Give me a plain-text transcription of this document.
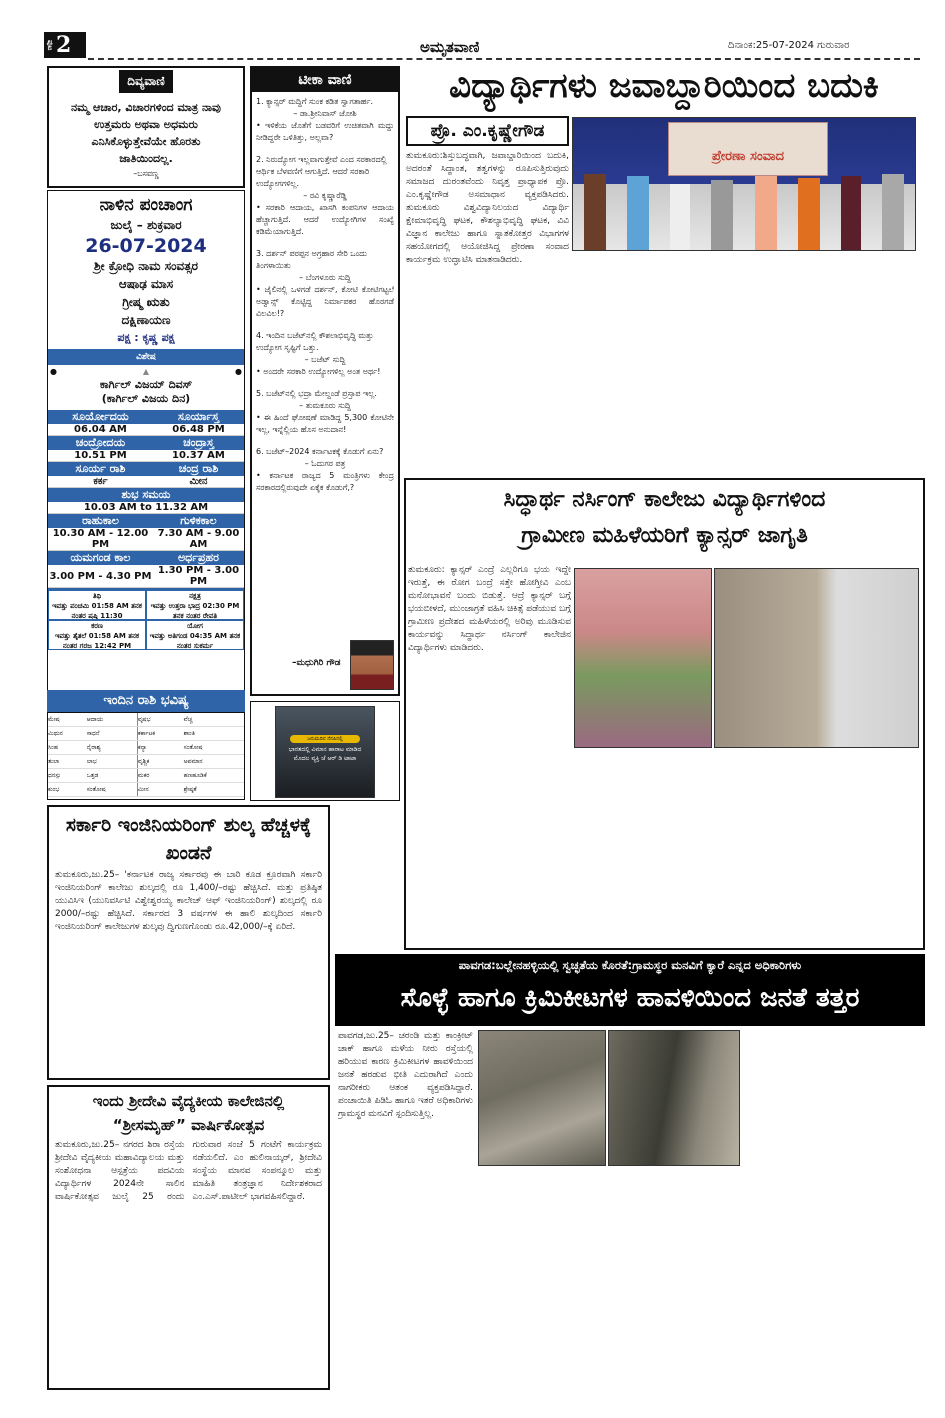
ಪುಟ 2	ಅಮೃತವಾಣಿ	ದಿನಾಂಕ:25-07-2024 ಗುರುವಾರ
ದಿವ್ಯವಾಣಿ
ನಮ್ಮ ಆಚಾರ, ವಿಚಾರಗಳಿಂದ ಮಾತ್ರ ನಾವು ಉತ್ತಮರು ಅಥವಾ ಅಧಮರು ಎನಿಸಿಕೊಳ್ಳುತ್ತೇವೆಯೇ ಹೊರತು ಜಾತಿಯಿಂದಲ್ಲ.
–ಬಸವಣ್ಣ
ನಾಳಿನ ಪಂಚಾಂಗ
ಜುಲೈ – ಶುಕ್ರವಾರ
26-07-2024
ಶ್ರೀ ಕ್ರೋಧಿ ನಾಮ ಸಂವತ್ಸರ
ಆಷಾಢ ಮಾಸ
ಗ್ರೀಷ್ಮ ಋತು
ದಕ್ಷಿಣಾಯಣ
ಪಕ್ಷ : ಕೃಷ್ಣ ಪಕ್ಷ
ವಿಶೇಷ
●	▲	●
ಕಾರ್ಗಿಲ್ ವಿಜಯ್ ದಿವಸ್
(ಕಾರ್ಗಿಲ್ ವಿಜಯ ದಿನ)
ಸೂರ್ಯೋದಯ	ಸೂರ್ಯಾಸ್ತ
06.04 AM	06.48 PM
ಚಂದ್ರೋದಯ	ಚಂದ್ರಾಸ್ತ
10.51 PM	10.37 AM
ಸೂರ್ಯ ರಾಶಿ	ಚಂದ್ರ ರಾಶಿ
ಕರ್ಕ	ಮೀನ
ಶುಭ ಸಮಯ	
10.03 AM to 11.32 AM	
ರಾಹುಕಾಲ	ಗುಳಿಕಕಾಲ
10.30 AM - 12.00 PM	7.30 AM - 9.00 AM
ಯಮಗಂಡ ಕಾಲ	ಅರ್ಧಪ್ರಹರ
3.00 PM - 4.30 PM	1.30 PM - 3.00 PM
ತಿಥಿ
ಇವತ್ತು ಪಂಚಮಿ 01:58 AM ತನಕ ನಂತರ ಷಷ್ಠಿ 11:30
ನಕ್ಷತ್ರ
ಇವತ್ತು ಉತ್ತರಾ ಭಾದ್ರ 02:30 PM ತನಕ ನಂತರ ರೇವತಿ
ಕರಣ
ಇವತ್ತು ತೈತಲೆ 01:58 AM ತನಕ ನಂತರ ಗರಜ 12:42 PM
ಯೋಗ
ಇವತ್ತು ಅತಿಗಂಡ 04:35 AM ತನಕ ನಂತರ ಸುಕರ್ಮ
ಇಂದಿನ ರಾಶಿ ಭವಿಷ್ಯ
ಮೇಷ	ಆದಾಯ	ವೃಷಭ	ವೆಚ್ಚ
ಮಿಥುನ	ಸಾಧನೆ	ಕರ್ಕಾಟಕ	ಶಾಂತಿ
ಸಿಂಹ	ನೈರಾಶ್ಯ	ಕನ್ಯಾ	ಸಂತೋಷ
ತುಲಾ	ಲಾಭ	ವೃಶ್ಚಿಕ	ಅಪಮಾನ
ಧನಸ್ಸು	ಒತ್ತಡ	ಮಕರ	ಹಣಹೂಡಿಕೆ
ಕುಂಭ	ಸಂತೋಷ	ಮೀನ	ಶ್ರೇಷ್ಠತೆ
ಟೀಕಾ ವಾಣಿ
1. ಕ್ಯಾನ್ಸರ್ ಮದ್ದಿಗೆ ಸುಂಕ ಕಡಿತ ಸ್ವಾಗತಾರ್ಹ.
– ಡಾ.ಶ್ರೀನಿವಾಸ್ ಜೋಶಿ
• ಇಳಿಕೆಯ ಜೊತೆಗೆ ಬಡವರಿಗೆ ಉಚಿತವಾಗಿ ಮದ್ದು ನೀಡಿದ್ದರೇ ಒಳಿತಿತ್ತು, ಅಲ್ಲವಾ?
2. ನಿರುದ್ಯೋಗ ಇಲ್ಲವಾಗುತ್ತೇವೆ ಎಂದ ಸರಕಾರದಲ್ಲಿ ಆರ್ಥಿಕ ಬೆಳವಣಿಗೆ ಆಗುತ್ತಿದೆ. ಆದರೆ ಸರಕಾರಿ ಉದ್ಯೋಗಗಳಿಲ್ಲ.
– ರವಿ ಕೃಷ್ಣಾರೆಡ್ಡಿ
• ಸರಕಾರಿ ಆದಾಯ, ಖಾಸಗಿ ಕಂಪನಿಗಳ ಆದಾಯ ಹೆಚ್ಚಾಗುತ್ತಿದೆ. ಆದರೆ ಉದ್ಯೋಗಿಗಳ ಸಂಖ್ಯೆ ಕಡಿಮೆಯಾಗುತ್ತಿದೆ.
3. ದರ್ಶನ್ ಪರಪ್ಪನ ಅಗ್ರಹಾರ ಸೇರಿ ಒಂದು ತಿಂಗಳಾಯಿತು
– ಬೆಂಗಳೂರು ಸುದ್ದಿ
• ಜೈಲಿನಲ್ಲಿ ಒಳಗಡೆ ದರ್ಶನ್, ಕೋಟಿ ಕೋಟಿಗಟ್ಟಲೆ ಅಡ್ವಾನ್ಸ್ ಕೊಟ್ಟಿದ್ದ ನಿರ್ಮಾಪಕರ ಹೊರಗಡೆ ವಿಲವಿಲ!?
4. ಇಂದಿನ ಬಜೆಟ್‌ನಲ್ಲಿ ಕೌಶಲಾಭಿವೃದ್ಧಿ ಮತ್ತು ಉದ್ಯೋಗ ಸೃಷ್ಟಿಗೆ ಒತ್ತು.
– ಬಜೆಟ್ ಸುದ್ದಿ
• ಅಂದರೇ ಸರಕಾರಿ ಉದ್ಯೋಗಳಿಲ್ಲ ಅಂತ ಅರ್ಥ!
5. ಬಜೆಟ್‌ನಲ್ಲಿ ಭದ್ರಾ ಮೇಲ್ದಂಡೆ ಪ್ರಸ್ತಾಪ ಇಲ್ಲ.
– ತುಮಕೂರು ಸುದ್ದಿ
• ಈ ಹಿಂದೆ ಘೋಷಣೆ ಮಾಡಿದ್ದ 5,300 ಕೋಟಿನೇ ಇಲ್ಲ, ಇನ್ನೆಲ್ಲಿಯ ಹೊಸ ಅನುದಾನ!
6. ಬಜೆಟ್–2024 ಕರ್ನಾಟಕಕ್ಕೆ ಕೊಡುಗೆ ಏನು?
– ಓದುಗರ ಪತ್ರ
• ಕರ್ನಾಟಕ ರಾಜ್ಯದ 5 ಮಂತ್ರಿಗಳು ಕೇಂದ್ರ ಸರಕಾರದಲ್ಲಿರುವುದೇ ಏಕೈಕ ಕೊಡುಗೆ,?
–ಮಧುಗಿರಿ ಗೌಡ
ಜನುಮದಿನ ನೆನಪಿನಲ್ಲಿ
ಭಾರತದಲ್ಲಿ ವಿಮಾನ ಹಾರಾಟ ಮಾಡಿದ ಮೊದಲ ವ್ಯಕ್ತಿ ಜೆ ಆರ್ ಡಿ ಟಾಟಾ
ವಿದ್ಯಾರ್ಥಿಗಳು ಜವಾಬ್ದಾರಿಯಿಂದ ಬದುಕಿ
ಪ್ರೊ. ಎಂ.ಕೃಷ್ಣೇಗೌಡ
ಪ್ರೇರಣಾ ಸಂವಾದ
ತುಮಕೂರು:ಶಿಸ್ತುಬದ್ಧವಾಗಿ, ಜವಾಬ್ದಾರಿಯಿಂದ ಬದುಕಿ, ಅದರಂತೆ ಸಿದ್ಧಾಂತ, ತತ್ವಗಳನ್ನು ರೂಪಿಸುತ್ತಿರುವುದು ಸಮಾಜದ ದುರಂತವೆಂದು ನಿವೃತ್ತ ಪ್ರಾಧ್ಯಾಪಕ ಪ್ರೊ. ಎಂ.ಕೃಷ್ಣೇಗೌಡ ಅಸಮಾಧಾನ ವ್ಯಕ್ತಪಡಿಸಿದರು. ತುಮಕೂರು ವಿಶ್ವವಿದ್ಯಾನಿಲಯದ ವಿದ್ಯಾರ್ಥಿ ಕ್ಷೇಮಾಭಿವೃದ್ಧಿ ಘಟಕ, ಕೌಶಲ್ಯಾಭಿವೃದ್ಧಿ ಘಟಕ, ವಿವಿ ವಿಜ್ಞಾನ ಕಾಲೇಜು ಹಾಗೂ ಸ್ನಾತಕೋತ್ತರ ವಿಭಾಗಗಳ ಸಹಯೋಗದಲ್ಲಿ ಆಯೋಜಿಸಿದ್ದ ಪ್ರೇರಣಾ ಸಂವಾದ ಕಾರ್ಯಕ್ರಮ ಉದ್ಘಾಟಿಸಿ ಮಾತನಾಡಿದರು.
ಸಿದ್ಧಾರ್ಥ ನರ್ಸಿಂಗ್ ಕಾಲೇಜು ವಿದ್ಯಾರ್ಥಿಗಳಿಂದ
ಗ್ರಾಮೀಣ ಮಹಿಳೆಯರಿಗೆ ಕ್ಯಾನ್ಸರ್ ಜಾಗೃತಿ
ತುಮಕೂರು: ಕ್ಯಾನ್ಸರ್ ಎಂದ್ರೆ ಎಲ್ಲರಿಗೂ ಭಯ ಇದ್ದೇ ಇರುತ್ತೆ, ಈ ರೋಗ ಬಂದ್ರೆ ಸತ್ತೇ ಹೋಗ್ತೀವಿ ಎಂಬ ಮನೋಭಾವನೆ ಬಂದು ಬಿಡುತ್ತೆ. ಆದ್ರೆ ಕ್ಯಾನ್ಸರ್ ಬಗ್ಗೆ ಭಯಬೀಳದೆ, ಮುಂಜಾಗ್ರತೆ ವಹಿಸಿ ಚಿಕಿತ್ಸೆ ಪಡೆಯುವ ಬಗ್ಗೆ ಗ್ರಾಮೀಣ ಪ್ರದೇಶದ ಮಹಿಳೆಯರಲ್ಲಿ ಅರಿವು ಮೂಡಿಸುವ ಕಾರ್ಯವನ್ನು ಸಿದ್ಧಾರ್ಥ ನರ್ಸಿಂಗ್ ಕಾಲೇಜಿನ ವಿದ್ಯಾರ್ಥಿಗಳು ಮಾಡಿದರು.
ಸರ್ಕಾರಿ ಇಂಜಿನಿಯರಿಂಗ್ ಶುಲ್ಕ ಹೆಚ್ಚಳಕ್ಕೆ ಖಂಡನೆ
ತುಮಕೂರು,ಜು.25– 'ಕರ್ನಾಟಕ ರಾಜ್ಯ ಸರ್ಕಾರವು ಈ ಬಾರಿ ಕೂಡ ಕ್ರೂರವಾಗಿ ಸರ್ಕಾರಿ ಇಂಜಿನಿಯರಿಂಗ್ ಕಾಲೇಜು ಶುಲ್ಕದಲ್ಲಿ ರೂ 1,400/–ರಷ್ಟು ಹೆಚ್ಚಿಸಿದೆ. ಮತ್ತು ಪ್ರತಿಷ್ಠಿತ ಯುವಿಸಿಇ (ಯುನಿವರ್ಸಿಟಿ ವಿಶ್ವೇಶ್ವರಯ್ಯ ಕಾಲೇಜ್ ಆಫ್ ಇಂಜಿನಿಯರಿಂಗ್) ಶುಲ್ಕದಲ್ಲಿ ರೂ 2000/–ರಷ್ಟು ಹೆಚ್ಚಿಸಿದೆ. ಸರ್ಕಾರದ 3 ವರ್ಷಗಳ ಈ ಹಾಲಿ ಶುಲ್ಕದಿಂದ ಸರ್ಕಾರಿ ಇಂಜಿನಿಯರಿಂಗ್ ಕಾಲೇಜುಗಳ ಶುಲ್ಕವು ದ್ವಿಗುಣಗೊಂಡು ರೂ.42,000/–ಕ್ಕೆ ಏರಿದೆ.
ಇಂದು ಶ್ರೀದೇವಿ ವೈದ್ಯಕೀಯ ಕಾಲೇಜಿನಲ್ಲಿ “ಶ್ರೀಸಮೃಹ್” ವಾರ್ಷಿಕೋತ್ಸವ
ತುಮಕೂರು,ಜು.25– ನಗರದ ಶಿರಾ ರಸ್ತೆಯ ಶ್ರೀದೇವಿ ವೈದ್ಯಕೀಯ ಮಹಾವಿದ್ಯಾಲಯ ಮತ್ತು ಸಂಶೋಧನಾ ಆಸ್ಪತ್ರೆಯ ಪದವಿಯ ವಿದ್ಯಾರ್ಥಿಗಳ 2024ನೇ ಸಾಲಿನ ವಾರ್ಷಿಕೋತ್ಸವ ಜುಲೈ 25 ರಂದು ಗುರುವಾರ ಸಂಜೆ 5 ಗಂಟೆಗೆ ಕಾರ್ಯಕ್ರಮ ನಡೆಯಲಿದೆ. ಎಂ ಹುಲಿನಾಯ್ಕರ್, ಶ್ರೀದೇವಿ ಸಂಸ್ಥೆಯ ಮಾನವ ಸಂಪನ್ಮೂಲ ಮತ್ತು ಮಾಹಿತಿ ತಂತ್ರಜ್ಞಾನ ನಿರ್ದೇಶಕರಾದ ಎಂ.ಎಸ್.ಪಾಟೀಲ್ ಭಾಗವಹಿಸಲಿದ್ದಾರೆ.
ಪಾವಗಡ:ಬಲ್ಲೇನಹಳ್ಳಿಯಲ್ಲಿ ಸ್ವಚ್ಛತೆಯ ಕೊರತೆ:ಗ್ರಾಮಸ್ಥರ ಮನವಿಗೆ ಕ್ಯಾರೆ ಎನ್ನದ ಅಧಿಕಾರಿಗಳು
ಸೊಳ್ಳೆ ಹಾಗೂ ಕ್ರಿಮಿಕೀಟಗಳ ಹಾವಳಿಯಿಂದ ಜನತೆ ತತ್ತರ
ಪಾವಗಡ,ಜು.25– ಚರಂಡಿ ಮತ್ತು ಕಾಂಕ್ರೀಟ್ ಚಾಕ್ ಹಾಗೂ ಮಳೆಯ ನೀರು ರಸ್ತೆಯಲ್ಲಿ ಹರಿಯುವ ಕಾರಣ ಕ್ರಿಮಿಕೀಟಗಳ ಹಾವಳಿಯಿಂದ ಜನತೆ ಹರಡುವ ಭೀತಿ ಎದುರಾಗಿದೆ ಎಂದು ನಾಗರೀಕರು ಆತಂಕ ವ್ಯಕ್ತಪಡಿಸಿದ್ದಾರೆ. ಪಂಚಾಯಿತಿ ಪಿಡಿಓ ಹಾಗೂ ಇತರೆ ಅಧಿಕಾರಿಗಳು ಗ್ರಾಮಸ್ಥರ ಮನವಿಗೆ ಸ್ಪಂದಿಸುತ್ತಿಲ್ಲ.
